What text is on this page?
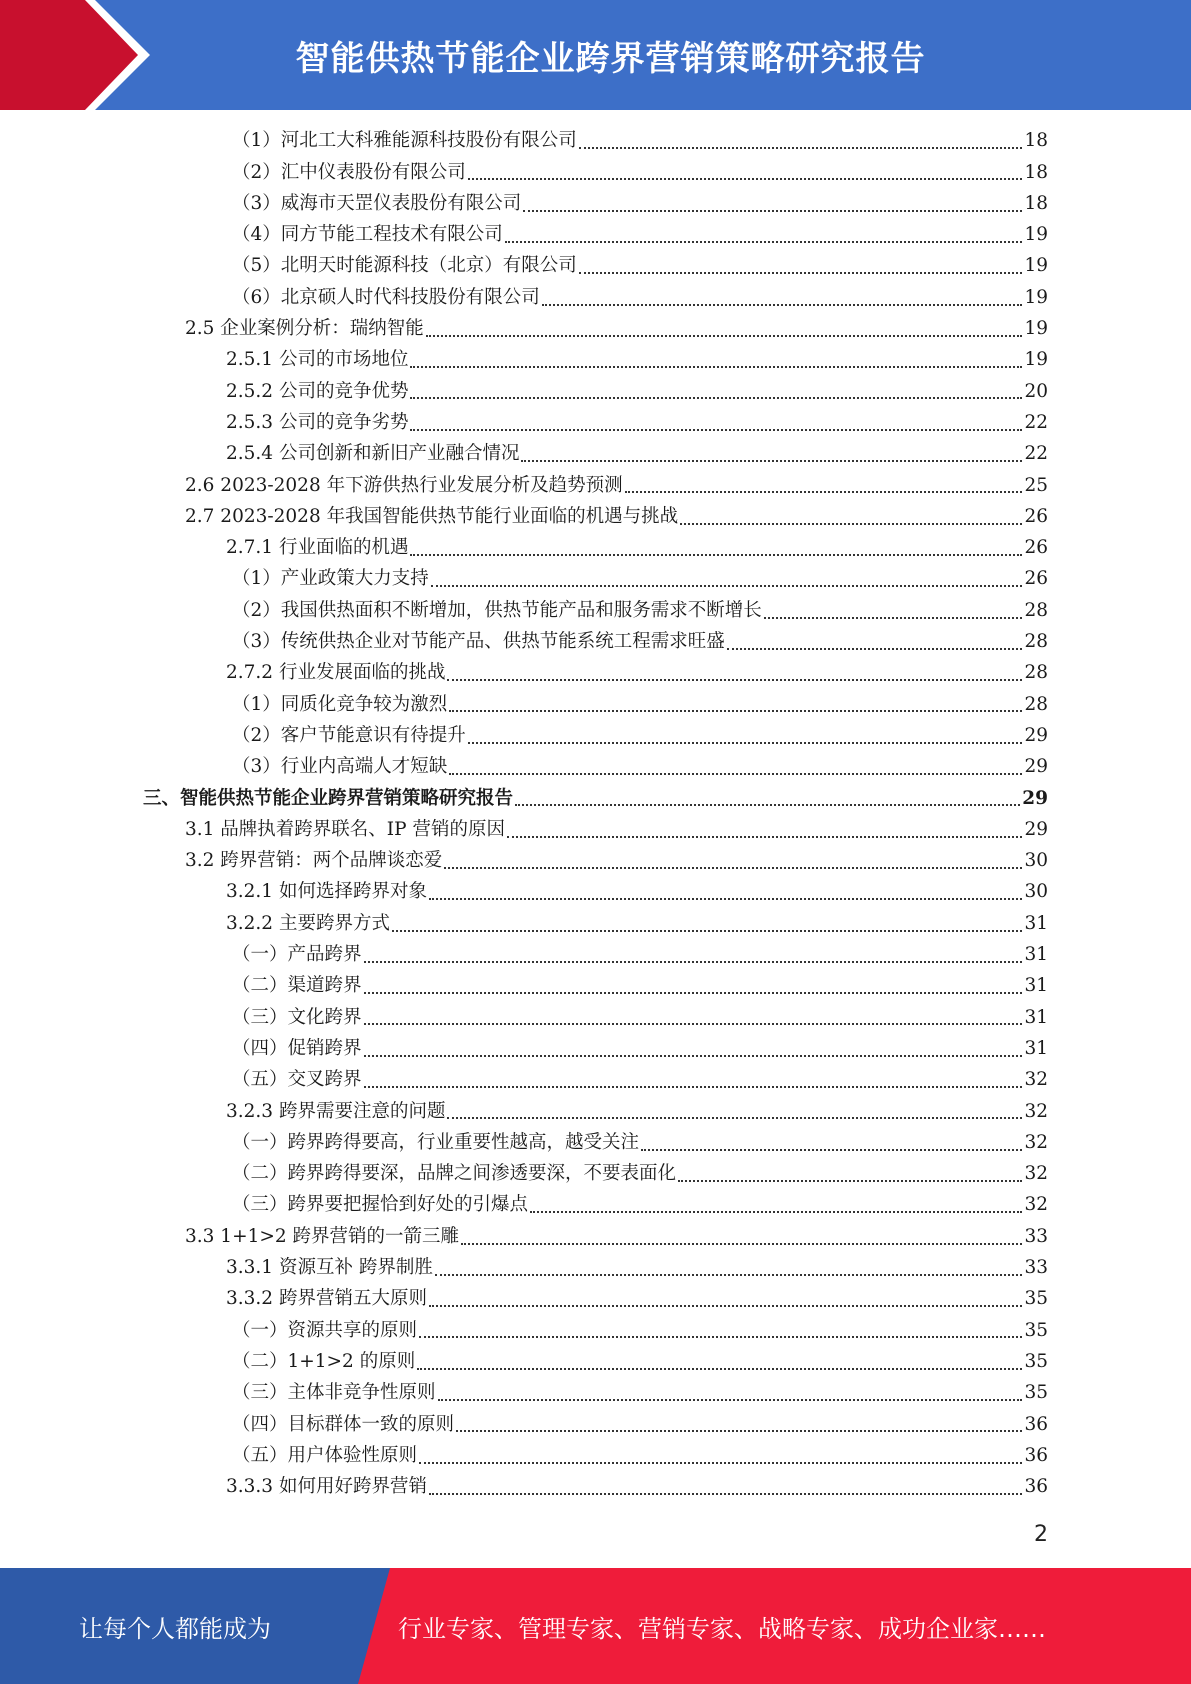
智能供热节能企业跨界营销策略研究报告
（1）河北工大科雅能源科技股份有限公司	18
（2）汇中仪表股份有限公司	18
（3）威海市天罡仪表股份有限公司	18
（4）同方节能工程技术有限公司	19
（5）北明天时能源科技（北京）有限公司	19
（6）北京硕人时代科技股份有限公司	19
2.5 企业案例分析：瑞纳智能	19
2.5.1 公司的市场地位	19
2.5.2 公司的竞争优势	20
2.5.3 公司的竞争劣势	22
2.5.4 公司创新和新旧产业融合情况	22
2.6 2023-2028 年下游供热行业发展分析及趋势预测	25
2.7 2023-2028 年我国智能供热节能行业面临的机遇与挑战	26
2.7.1 行业面临的机遇	26
（1）产业政策大力支持	26
（2）我国供热面积不断增加，供热节能产品和服务需求不断增长	28
（3）传统供热企业对节能产品、供热节能系统工程需求旺盛	28
2.7.2 行业发展面临的挑战	28
（1）同质化竞争较为激烈	28
（2）客户节能意识有待提升	29
（3）行业内高端人才短缺	29
三、智能供热节能企业跨界营销策略研究报告	29
3.1 品牌执着跨界联名、IP 营销的原因	29
3.2 跨界营销：两个品牌谈恋爱	30
3.2.1 如何选择跨界对象	30
3.2.2 主要跨界方式	31
（一）产品跨界	31
（二）渠道跨界	31
（三）文化跨界	31
（四）促销跨界	31
（五）交叉跨界	32
3.2.3 跨界需要注意的问题	32
（一）跨界跨得要高，行业重要性越高，越受关注	32
（二）跨界跨得要深，品牌之间渗透要深，不要表面化	32
（三）跨界要把握恰到好处的引爆点	32
3.3 1+1>2 跨界营销的一箭三雕	33
3.3.1 资源互补 跨界制胜	33
3.3.2 跨界营销五大原则	35
（一）资源共享的原则	35
（二）1+1>2 的原则	35
（三）主体非竞争性原则	35
（四）目标群体一致的原则	36
（五）用户体验性原则	36
3.3.3 如何用好跨界营销	36
2
让每个人都能成为	行业专家、管理专家、营销专家、战略专家、成功企业家……
